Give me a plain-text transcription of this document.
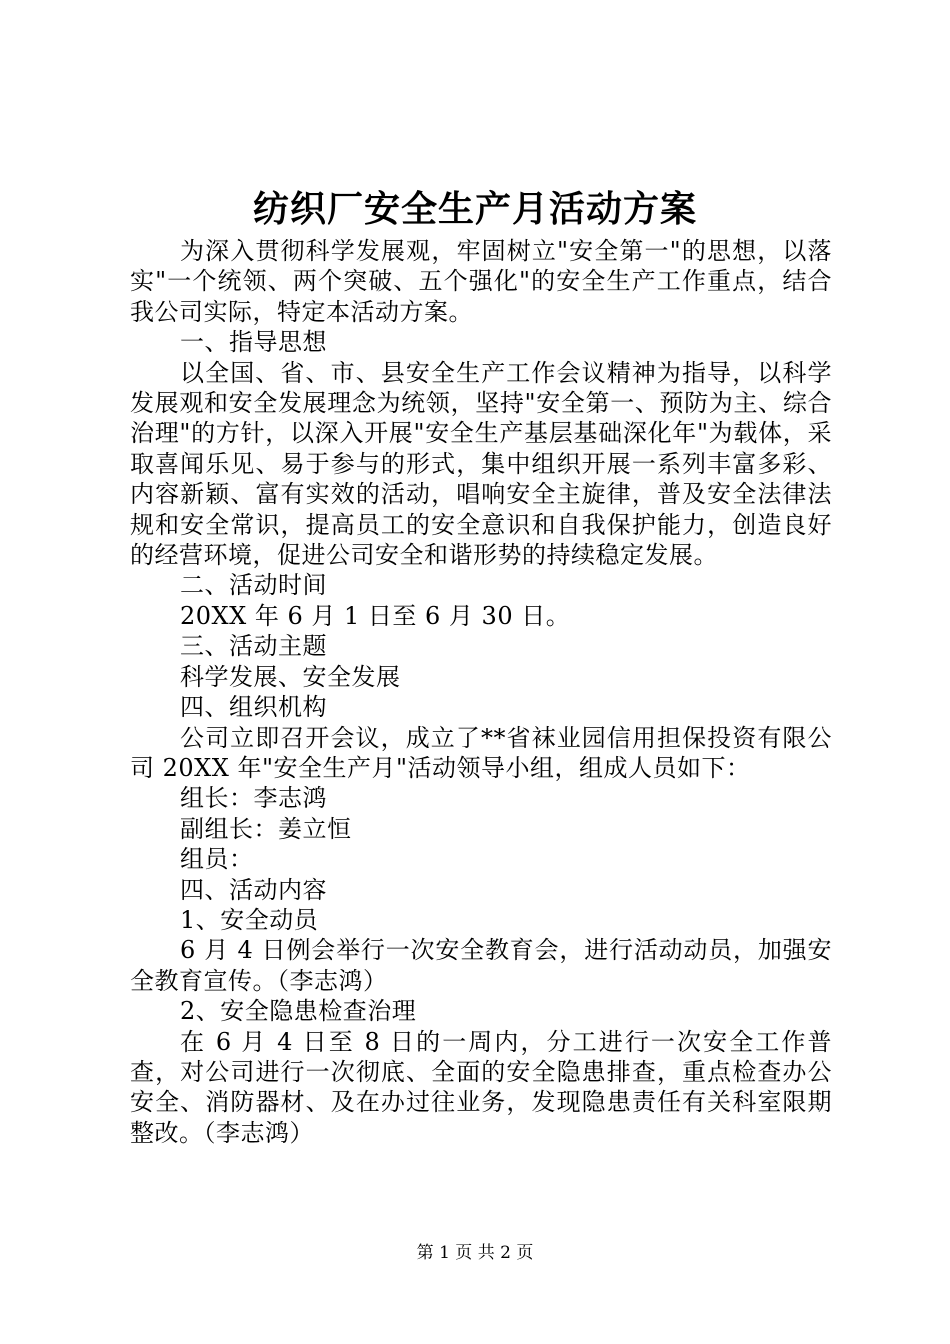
纺织厂安全生产月活动方案

为深入贯彻科学发展观，牢固树立"安全第一"的思想，以落实"一个统领、两个突破、五个强化"的安全生产工作重点，结合我公司实际，特定本活动方案。

一、指导思想

以全国、省、市、县安全生产工作会议精神为指导，以科学发展观和安全发展理念为统领，坚持"安全第一、预防为主、综合治理"的方针，以深入开展"安全生产基层基础深化年"为载体，采取喜闻乐见、易于参与的形式，集中组织开展一系列丰富多彩、内容新颖、富有实效的活动，唱响安全主旋律，普及安全法律法规和安全常识，提高员工的安全意识和自我保护能力，创造良好的经营环境，促进公司安全和谐形势的持续稳定发展。

二、活动时间

20XX 年 6 月 1 日至 6 月 30 日。

三、活动主题

科学发展、安全发展

四、组织机构

公司立即召开会议，成立了**省袜业园信用担保投资有限公司 20XX 年"安全生产月"活动领导小组，组成人员如下：

组长：李志鸿

副组长：姜立恒

组员：

四、活动内容

1、安全动员

6 月 4 日例会举行一次安全教育会，进行活动动员，加强安全教育宣传。（李志鸿）

2、安全隐患检查治理

在 6 月 4 日至 8 日的一周内，分工进行一次安全工作普查，对公司进行一次彻底、全面的安全隐患排查，重点检查办公安全、消防器材、及在办过往业务，发现隐患责任有关科室限期整改。（李志鸿）

第 1 页 共 2 页
